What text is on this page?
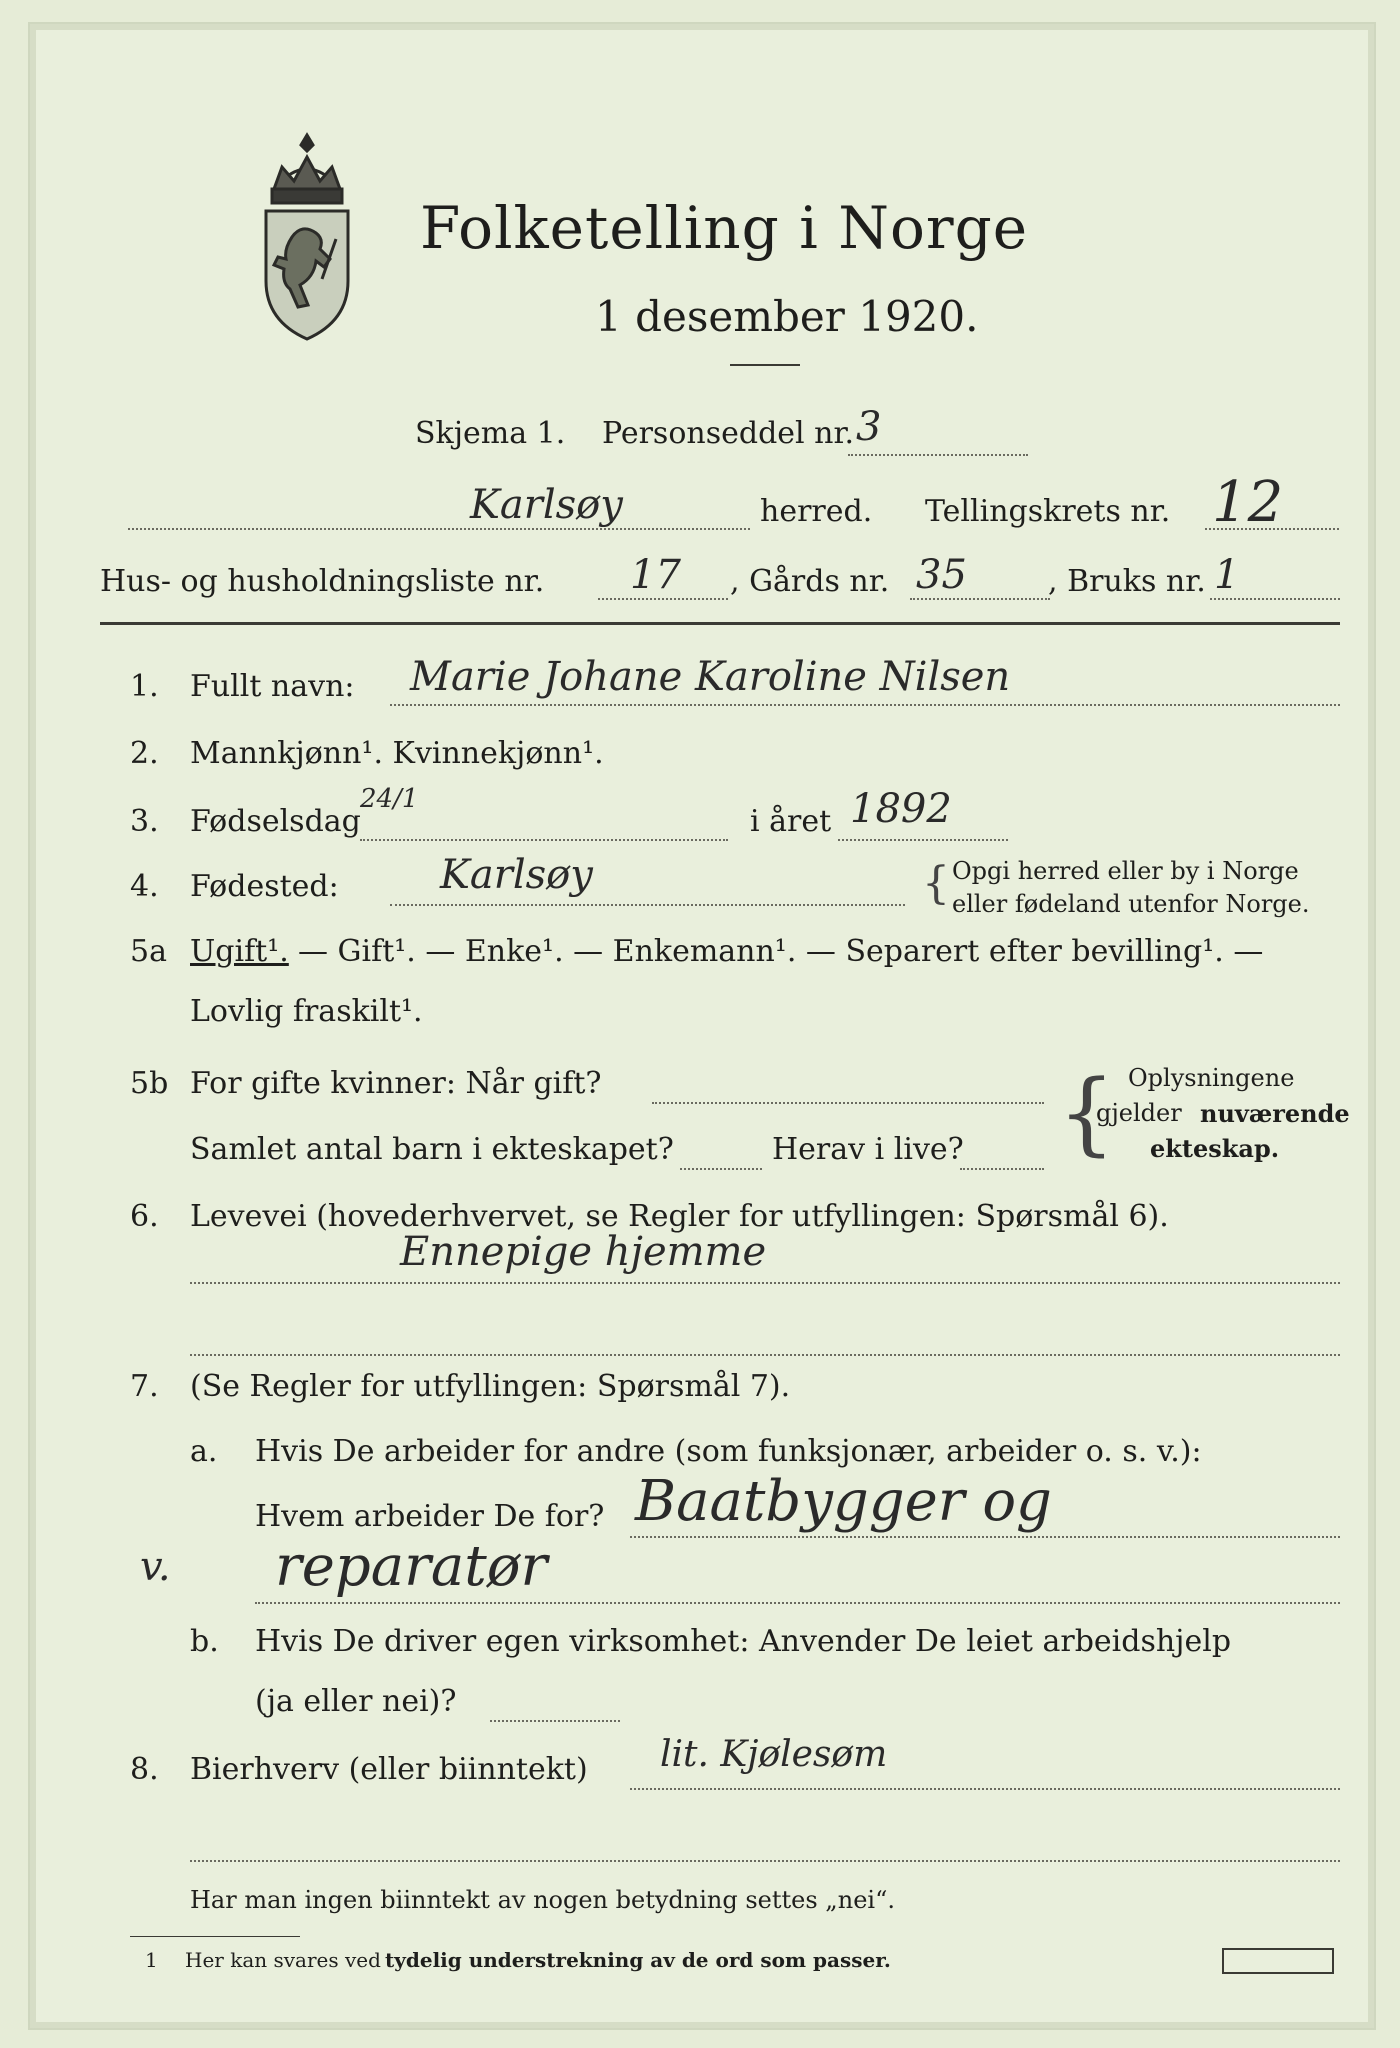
Folketelling i Norge
1 desember 1920.
Skjema 1. Personseddel nr. 3
Karlsøy	herred. Tellingskrets nr. 12
Hus- og husholdningsliste nr. 17 , Gårds nr. 35	, Bruks nr. 1
1. Fullt navn: Marie Johane Karoline Nilsen
2. Mannkjønn¹. Kvinnekjønn¹.
3. Fødselsdag
24/1
i året 1892
4. Fødested:	Karlsøy	{ Opgi herred eller by i Norge
eller fødeland utenfor Norge.
5a Ugift¹. — Gift¹. — Enke¹. — Enkemann¹. — Separert efter bevilling¹. —
Lovlig fraskilt¹.
5b For gifte kvinner: Når gift?
Samlet antal barn i ekteskapet?	Herav i live? { Oplysningene
gjelder nuværende
ekteskap.
6. Levevei (hovederhvervet, se Regler for utfyllingen: Spørsmål 6).
Ennepige hjemme
7. (Se Regler for utfyllingen: Spørsmål 7).
a. Hvis De arbeider for andre (som funksjonær, arbeider o. s. v.):
Hvem arbeider De for? Baatbygger og
v. reparatør
b. Hvis De driver egen virksomhet: Anvender De leiet arbeidshjelp
(ja eller nei)?
8. Bierhverv (eller biinntekt) lit. Kjølesøm
Har man ingen biinntekt av nogen betydning settes „nei“.
1 Her kan svares ved tydelig understrekning av de ord som passer.
